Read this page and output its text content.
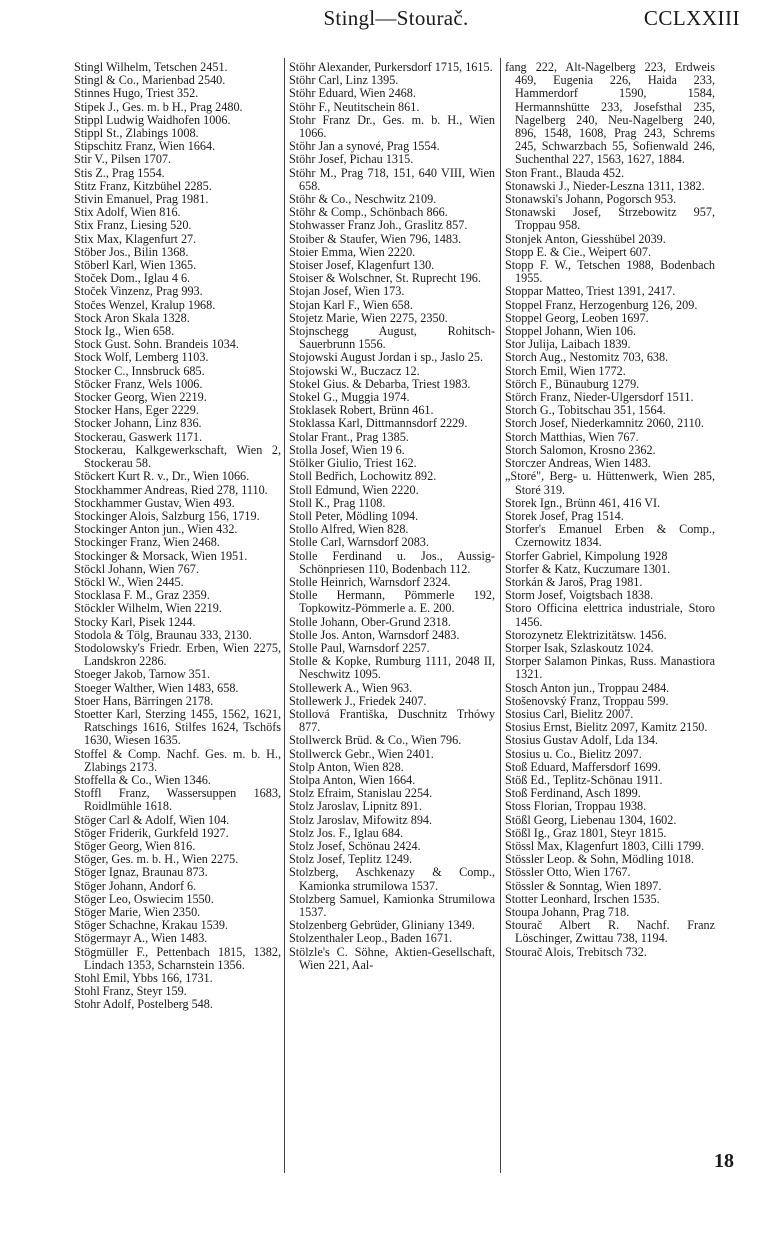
Stingl—Stourač.	CCLXXIII
Stingl Wilhelm, Tetschen 2451.
Stingl & Co., Marienbad 2540.
Stinnes Hugo, Triest 352.
Stipek J., Ges. m. b H., Prag 2480.
Stippl Ludwig Waidhofen 1006.
Stippl St., Zlabings 1008.
Stipschitz Franz, Wien 1664.
Stir V., Pilsen 1707.
Stis Z., Prag 1554.
Stitz Franz, Kitzbühel 2285.
Stivin Emanuel, Prag 1981.
Stix Adolf, Wien 816.
Stix Franz, Liesing 520.
Stix Max, Klagenfurt 27.
Stöber Jos., Bilin 1368.
Stöberl Karl, Wien 1365.
Stoček Dom., Iglau 4 6.
Stoček Vinzenz, Prag 993.
Stočes Wenzel, Kralup 1968.
Stock Aron Skala 1328.
Stock Ig., Wien 658.
Stock Gust. Sohn. Brandeis 1034.
Stock Wolf, Lemberg 1103.
Stocker C., Innsbruck 685.
Stöcker Franz, Wels 1006.
Stocker Georg, Wien 2219.
Stocker Hans, Eger 2229.
Stocker Johann, Linz 836.
Stockerau, Gaswerk 1171.
Stockerau, Kalkgewerkschaft, Wien 2, Stockerau 58.
Stöckert Kurt R. v., Dr., Wien 1066.
Stockhammer Andreas, Ried 278, 1110.
Stockhammer Gustav, Wien 493.
Stockinger Alois, Salzburg 156, 1719.
Stockinger Anton jun., Wien 432.
Stockinger Franz, Wien 2468.
Stockinger & Morsack, Wien 1951.
Stöckl Johann, Wien 767.
Stöckl W., Wien 2445.
Stocklasa F. M., Graz 2359.
Stöckler Wilhelm, Wien 2219.
Stocky Karl, Pisek 1244.
Stodola & Tölg, Braunau 333, 2130.
Stodolowsky's Friedr. Erben, Wien 2275, Landskron 2286.
Stoeger Jakob, Tarnow 351.
Stoeger Walther, Wien 1483, 658.
Stoer Hans, Bärringen 2178.
Stoetter Karl, Sterzing 1455, 1562, 1621, Ratschings 1616, Stilfes 1624, Tschöfs 1630, Wiesen 1635.
Stoffel & Comp. Nachf. Ges. m. b. H., Zlabings 2173.
Stoffella & Co., Wien 1346.
Stoffl Franz, Wassersuppen 1683, Roidlmühle 1618.
Stöger Carl & Adolf, Wien 104.
Stöger Friderik, Gurkfeld 1927.
Stöger Georg, Wien 816.
Stöger, Ges. m. b. H., Wien 2275.
Stöger Ignaz, Braunau 873.
Stöger Johann, Andorf 6.
Stöger Leo, Oswiecim 1550.
Stöger Marie, Wien 2350.
Stöger Schachne, Krakau 1539.
Stögermayr A., Wien 1483.
Stögmüller F., Pettenbach 1815, 1382, Lindach 1353, Scharnstein 1356.
Stohl Emil, Ybbs 166, 1731.
Stohl Franz, Steyr 159.
Stohr Adolf, Postelberg 548.
Stöhr Alexander, Purkersdorf 1715, 1615.
Stöhr Carl, Linz 1395.
Stöhr Eduard, Wien 2468.
Stöhr F., Neutitschein 861.
Stohr Franz Dr., Ges. m. b. H., Wien 1066.
Stöhr Jan a synové, Prag 1554.
Stöhr Josef, Pichau 1315.
Stöhr M., Prag 718, 151, 640 VIII, Wien 658.
Stöhr & Co., Neschwitz 2109.
Stöhr & Comp., Schönbach 866.
Stohwasser Franz Joh., Graslitz 857.
Stoiber & Staufer, Wien 796, 1483.
Stoier Emma, Wien 2220.
Stoiser Josef, Klagenfurt 130.
Stoiser & Wolschner, St. Ruprecht 196.
Stojan Josef, Wien 173.
Stojan Karl F., Wien 658.
Stojetz Marie, Wien 2275, 2350.
Stojnschegg August, Rohitsch-Sauerbrunn 1556.
Stojowski August Jordan i sp., Jaslo 25.
Stojowski W., Buczacz 12.
Stokel Gius. & Debarba, Triest 1983.
Stokel G., Muggia 1974.
Stoklasek Robert, Brünn 461.
Stoklassa Karl, Dittmannsdorf 2229.
Stolar Frant., Prag 1385.
Stolla Josef, Wien 19 6.
Stölker Giulio, Triest 162.
Stoll Bedřich, Lochowitz 892.
Stoll Edmund, Wien 2220.
Stoll K., Prag 1108.
Stoll Peter, Mödling 1094.
Stollo Alfred, Wien 828.
Stolle Carl, Warnsdorf 2083.
Stolle Ferdinand u. Jos., Aussig-Schönpriesen 110, Bodenbach 112.
Stolle Heinrich, Warnsdorf 2324.
Stolle Hermann, Pömmerle 192, Topkowitz-Pömmerle a. E. 200.
Stolle Johann, Ober-Grund 2318.
Stolle Jos. Anton, Warnsdorf 2483.
Stolle Paul, Warnsdorf 2257.
Stolle & Kopke, Rumburg 1111, 2048 II, Neschwitz 1095.
Stollewerk A., Wien 963.
Stollewerk J., Friedek 2407.
Stollová Františka, Duschnitz Trhówy 877.
Stollwerck Brüd. & Co., Wien 796.
Stollwerck Gebr., Wien 2401.
Stolp Anton, Wien 828.
Stolpa Anton, Wien 1664.
Stolz Efraim, Stanislau 2254.
Stolz Jaroslav, Lipnitz 891.
Stolz Jaroslav, Mifowitz 894.
Stolz Jos. F., Iglau 684.
Stolz Josef, Schönau 2424.
Stolz Josef, Teplitz 1249.
Stolzberg, Aschkenazy & Comp., Kamionka strumilowa 1537.
Stolzberg Samuel, Kamionka Strumilowa 1537.
Stolzenberg Gebrüder, Gliniany 1349.
Stolzenthaler Leop., Baden 1671.
Stölzle's C. Söhne, Aktien-Gesellschaft, Wien 221, Aal-
fang 222, Alt-Nagelberg 223, Erdweis 469, Eugenia 226, Haida 233, Hammerdorf 1590, 1584, Hermannshütte 233, Josefsthal 235, Nagelberg 240, Neu-Nagelberg 240, 896, 1548, 1608, Prag 243, Schrems 245, Schwarzbach 55, Sofienwald 246, Suchenthal 227, 1563, 1627, 1884.
Ston Frant., Blauda 452.
Stonawski J., Nieder-Leszna 1311, 1382.
Stonawski's Johann, Pogorsch 953.
Stonawski Josef, Strzebowitz 957, Troppau 958.
Stonjek Anton, Giesshübel 2039.
Stopp E. & Cie., Weipert 607.
Stopp F. W., Tetschen 1988, Bodenbach 1955.
Stoppar Matteo, Triest 1391, 2417.
Stoppel Franz, Herzogenburg 126, 209.
Stoppel Georg, Leoben 1697.
Stoppel Johann, Wien 106.
Stor Julija, Laibach 1839.
Storch Aug., Nestomitz 703, 638.
Storch Emil, Wien 1772.
Störch F., Bünauburg 1279.
Störch Franz, Nieder-Ulgersdorf 1511.
Storch G., Tobitschau 351, 1564.
Storch Josef, Niederkamnitz 2060, 2110.
Storch Matthias, Wien 767.
Storch Salomon, Krosno 2362.
Storczer Andreas, Wien 1483.
„Storé", Berg- u. Hüttenwerk, Wien 285, Storé 319.
Storek Ign., Brünn 461, 416 VI.
Storek Josef, Prag 1514.
Storfer's Emanuel Erben & Comp., Czernowitz 1834.
Storfer Gabriel, Kimpolung 1928
Storfer & Katz, Kuczumare 1301.
Storkán & Jaroš, Prag 1981.
Storm Josef, Voigtsbach 1838.
Storo Officina elettrica industriale, Storo 1456.
Storozynetz Elektrizitätsw. 1456.
Storper Isak, Szlaskoutz 1024.
Storper Salamon Pinkas, Russ. Manastiora 1321.
Stosch Anton jun., Troppau 2484.
Stošenovský Franz, Troppau 599.
Stosius Carl, Bielitz 2007.
Stosius Ernst, Bielitz 2097, Kamitz 2150.
Stosius Gustav Adolf, Lda 134.
Stosius u. Co., Bielitz 2097.
Stoß Eduard, Maffersdorf 1699.
Stöß Ed., Teplitz-Schönau 1911.
Stoß Ferdinand, Asch 1899.
Stoss Florian, Troppau 1938.
Stößl Georg, Liebenau 1304, 1602.
Stößl Ig., Graz 1801, Steyr 1815.
Stössl Max, Klagenfurt 1803, Cilli 1799.
Stössler Leop. & Sohn, Mödling 1018.
Stössler Otto, Wien 1767.
Stössler & Sonntag, Wien 1897.
Stotter Leonhard, Irschen 1535.
Stoupa Johann, Prag 718.
Stourač Albert R. Nachf. Franz Löschinger, Zwittau 738, 1194.
Stourač Alois, Trebitsch 732.
18
